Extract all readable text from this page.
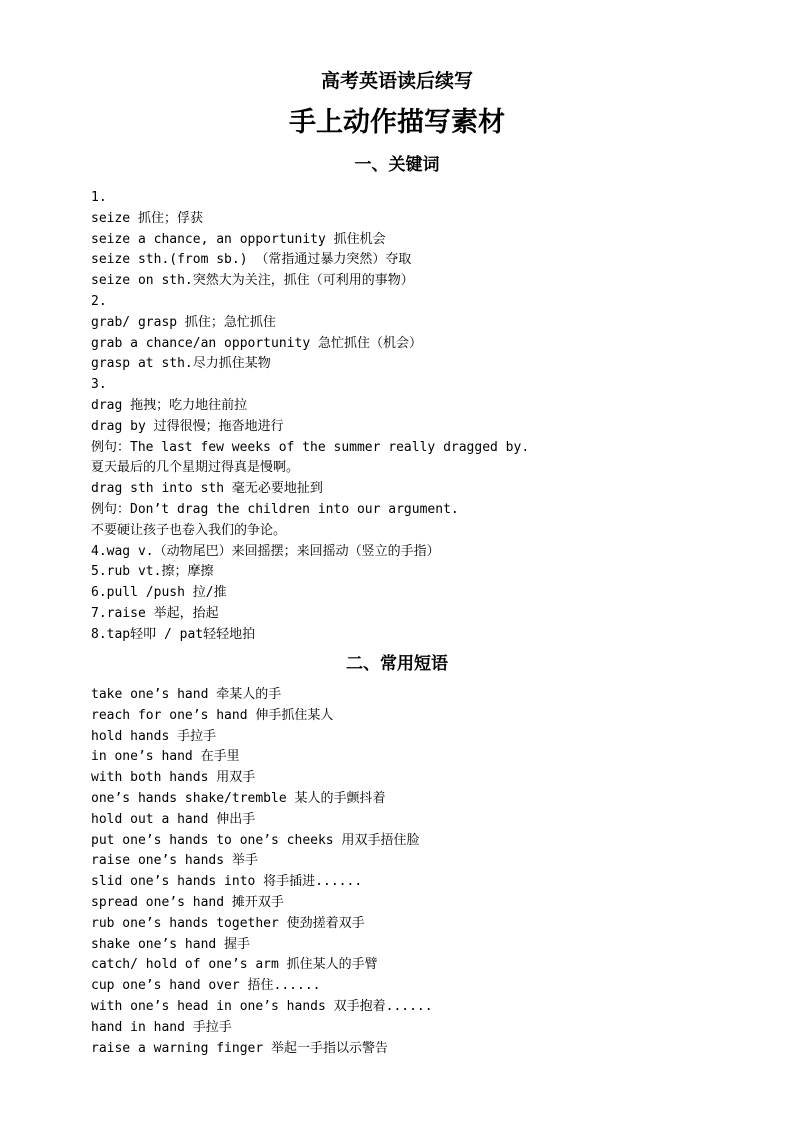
高考英语读后续写
手上动作描写素材
一、关键词
1.
seize 抓住；俘获
seize a chance, an opportunity 抓住机会
seize sth.(from sb.) （常指通过暴力突然）夺取
seize on sth.突然大为关注，抓住（可利用的事物）
2.
grab/ grasp 抓住；急忙抓住
grab a chance/an opportunity 急忙抓住（机会）
grasp at sth.尽力抓住某物
3.
drag 拖拽；吃力地往前拉
drag by 过得很慢；拖沓地进行
例句：The last few weeks of the summer really dragged by.
夏天最后的几个星期过得真是慢啊。
drag sth into sth 毫无必要地扯到
例句：Don’t drag the children into our argument.
不要硬让孩子也卷入我们的争论。
4.wag v.（动物尾巴）来回摇摆；来回摇动（竖立的手指）
5.rub vt.擦；摩擦
6.pull /push 拉/推
7.raise 举起，抬起
8.tap轻叩 / pat轻轻地拍
二、常用短语
take one’s hand 牵某人的手
reach for one’s hand 伸手抓住某人
hold hands 手拉手
in one’s hand 在手里
with both hands 用双手
one’s hands shake/tremble 某人的手颤抖着
hold out a hand 伸出手
put one’s hands to one’s cheeks 用双手捂住脸
raise one’s hands 举手
slid one’s hands into 将手插进......
spread one’s hand 摊开双手
rub one’s hands together 使劲搓着双手
shake one’s hand 握手
catch/ hold of one’s arm 抓住某人的手臂
cup one’s hand over 捂住......
with one’s head in one’s hands 双手抱着......
hand in hand 手拉手
raise a warning finger 举起一手指以示警告
